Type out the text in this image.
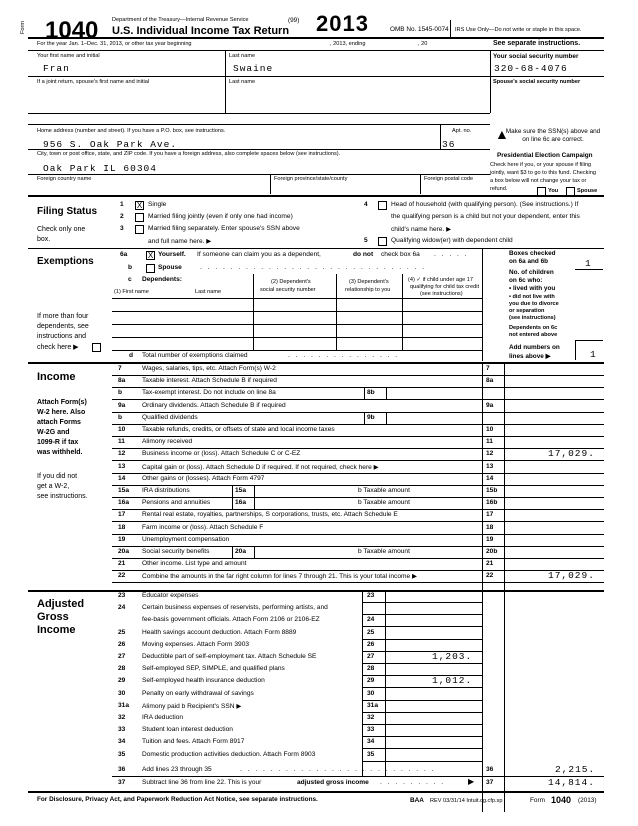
Form 1040 Department of the Treasury—Internal Revenue Service	(99)
U.S. Individual Income Tax Return 2013	OMB No. 1545-0074 IRS Use Only—Do not write or staple in this space.
For the year Jan. 1–Dec. 31, 2013, or other tax year beginning	, 2013, ending	, 20	See separate instructions.
Your first name and initial
Fran
Last name
Swaine
Your social security number
320-68-4076
If a joint return, spouse's first name and initial	Last name	Spouse's social security number
Home address (number and street). If you have a P.O. box, see instructions.
956 S. Oak Park Ave.
Apt. no.
36
▲
Make sure the SSN(s) above and on line 6c are correct.
City, town or post office, state, and ZIP code. If you have a foreign address, also complete spaces below (see instructions).
Oak Park IL 60304
Foreign country name	Foreign province/state/county	Foreign postal code
Presidential Election Campaign
Check here if you, or your spouse if filing
jointly, want $3 to go to this fund. Checking
a box below will not change your tax or
refund.	You	Spouse
Filing Status
Check only one
box.
1 X Single
2	Married filing jointly (even if only one had income)
3	Married filing separately. Enter spouse's SSN above
and full name here. ▶
4	Head of household (with qualifying person). (See instructions.) If
the qualifying person is a child but not your dependent, enter this
child's name here. ▶
5	Qualifying widow(er) with dependent child
Exemptions
6a	X Yourself. If someone can claim you as a dependent,	do not check box 6a . . . . .
b	Spouse	. . . . . . . . . . . . . . . . . . . . . . . . . . . . . .
c Dependents:
(1) First name	Last name
(2) Dependent's
social security number
(3) Dependent's
relationship to you
(4) ✓ if child under age 17
qualifying for child tax credit
(see instructions)
If more than four
dependents, see
instructions and
check here ▶
d Total number of exemptions claimed	. . . . . . . . . . . . . . .
Boxes checked
on 6a and 6b	1
No. of children
on 6c who:
• lived with you
• did not live with
you due to divorce
or separation
(see instructions)
Dependents on 6c
not entered above
Add numbers on
lines above ▶	1
Income
Attach Form(s)
W-2 here. Also
attach Forms
W-2G and
1099-R if tax
was withheld.
If you did not
get a W-2,
see instructions.
7	Wages, salaries, tips, etc. Attach Form(s) W-2	7
8a	Taxable interest. Attach Schedule B if required	8a
b	Tax-exempt interest. Do not include on line 8a	8b
9a	Ordinary dividends. Attach Schedule B if required	9a
b	Qualified dividends	9b
10	Taxable refunds, credits, or offsets of state and local income taxes	10
11	Alimony received	11
12	Business income or (loss). Attach Schedule C or C-EZ	12	17,029.
13	Capital gain or (loss). Attach Schedule D if required. If not required, check here ▶	13
14	Other gains or (losses). Attach Form 4797	14
15a IRA distributions	15a	b Taxable amount	15b
16a Pensions and annuities	16a	b Taxable amount	16b
17	Rental real estate, royalties, partnerships, S corporations, trusts, etc. Attach Schedule E	17
18	Farm income or (loss). Attach Schedule F	18
19	Unemployment compensation	19
20a Social security benefits	20a	b Taxable amount	20b
21	Other income. List type and amount	21
22	Combine the amounts in the far right column for lines 7 through 21. This is your total income ▶	22	17,029.
Adjusted
Gross
Income
23	Educator expenses	23
24	Certain business expenses of reservists, performing artists, and
fee-basis government officials. Attach Form 2106 or 2106-EZ	24
25	Health savings account deduction. Attach Form 8889	25
26	Moving expenses. Attach Form 3903	26
27	Deductible part of self-employment tax. Attach Schedule SE	27	1,203.
28	Self-employed SEP, SIMPLE, and qualified plans	28
29	Self-employed health insurance deduction	29	1,012.
30	Penalty on early withdrawal of savings	30
31a Alimony paid b Recipient's SSN ▶	31a
32	IRA deduction	32
33	Student loan interest deduction	33
34	Tuition and fees. Attach Form 8917	34
35	Domestic production activities deduction. Attach Form 8903	35
36	Add lines 23 through 35	. . . . . . . . . . . . . . . . . . . . . . . . . .	36	2,215.
37	Subtract line 36 from line 22. This is your	adjusted gross income . . . . . . . . .	▶ 37	14,814.
For Disclosure, Privacy Act, and Paperwork Reduction Act Notice, see separate instructions.	BAA REV 03/31/14 Intuit.cg.cfp.sp	Form 1040 (2013)
